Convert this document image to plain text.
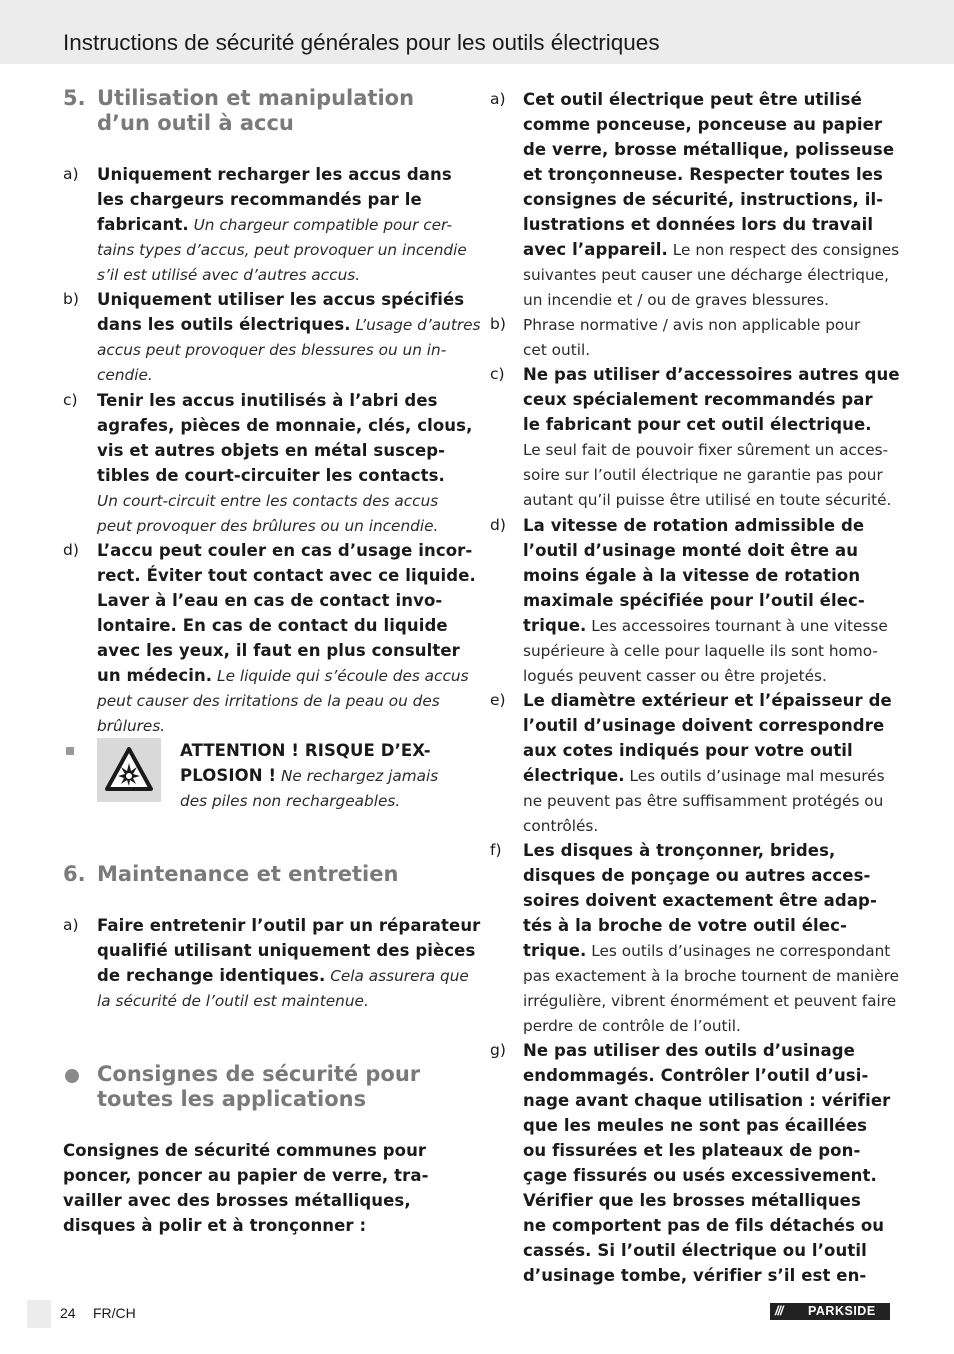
Instructions de sécurité générales pour les outils électriques
5. Utilisation et manipulation
d’un outil à accu
a) Uniquement recharger les accus dans
les chargeurs recommandés par le
fabricant. Un chargeur compatible pour cer-
tains types d’accus, peut provoquer un incendie
s’il est utilisé avec d’autres accus.
b) Uniquement utiliser les accus spécifiés
dans les outils électriques. L’usage d’autres
accus peut provoquer des blessures ou un in-
cendie.
c) Tenir les accus inutilisés à l’abri des
agrafes, pièces de monnaie, clés, clous,
vis et autres objets en métal suscep-
tibles de court-circuiter les contacts.
Un court-circuit entre les contacts des accus
peut provoquer des brûlures ou un incendie.
d) L’accu peut couler en cas d’usage incor-
rect. Éviter tout contact avec ce liquide.
Laver à l’eau en cas de contact invo-
lontaire. En cas de contact du liquide
avec les yeux, il faut en plus consulter
un médecin. Le liquide qui s’écoule des accus
peut causer des irritations de la peau ou des
brûlures.
ATTENTION ! RISQUE D’EX-
PLOSION ! Ne rechargez jamais
des piles non rechargeables.
6. Maintenance et entretien
a) Faire entretenir l’outil par un réparateur
qualifié utilisant uniquement des pièces
de rechange identiques. Cela assurera que
la sécurité de l’outil est maintenue.
Consignes de sécurité pour
toutes les applications
Consignes de sécurité communes pour
poncer, poncer au papier de verre, tra-
vailler avec des brosses métalliques,
disques à polir et à tronçonner :
a) Cet outil électrique peut être utilisé
comme ponceuse, ponceuse au papier
de verre, brosse métallique, polisseuse
et tronçonneuse. Respecter toutes les
consignes de sécurité, instructions, il-
lustrations et données lors du travail
avec l’appareil. Le non respect des consignes
suivantes peut causer une décharge électrique,
un incendie et / ou de graves blessures.
b) Phrase normative / avis non applicable pour
cet outil.
c) Ne pas utiliser d’accessoires autres que
ceux spécialement recommandés par
le fabricant pour cet outil électrique.
Le seul fait de pouvoir fixer sûrement un acces-
soire sur l’outil électrique ne garantie pas pour
autant qu’il puisse être utilisé en toute sécurité.
d) La vitesse de rotation admissible de
l’outil d’usinage monté doit être au
moins égale à la vitesse de rotation
maximale spécifiée pour l’outil élec-
trique. Les accessoires tournant à une vitesse
supérieure à celle pour laquelle ils sont homo-
logués peuvent casser ou être projetés.
e) Le diamètre extérieur et l’épaisseur de
l’outil d’usinage doivent correspondre
aux cotes indiqués pour votre outil
électrique. Les outils d’usinage mal mesurés
ne peuvent pas être suffisamment protégés ou
contrôlés.
f) Les disques à tronçonner, brides,
disques de ponçage ou autres acces-
soires doivent exactement être adap-
tés à la broche de votre outil élec-
trique. Les outils d’usinages ne correspondant
pas exactement à la broche tournent de manière
irrégulière, vibrent énormément et peuvent faire
perdre de contrôle de l’outil.
g) Ne pas utiliser des outils d’usinage
endommagés. Contrôler l’outil d’usi-
nage avant chaque utilisation : vérifier
que les meules ne sont pas écaillées
ou fissurées et les plateaux de pon-
çage fissurés ou usés excessivement.
Vérifier que les brosses métalliques
ne comportent pas de fils détachés ou
cassés. Si l’outil électrique ou l’outil
d’usinage tombe, vérifier s’il est en-
24 FR/CH	/// PARKSIDE
